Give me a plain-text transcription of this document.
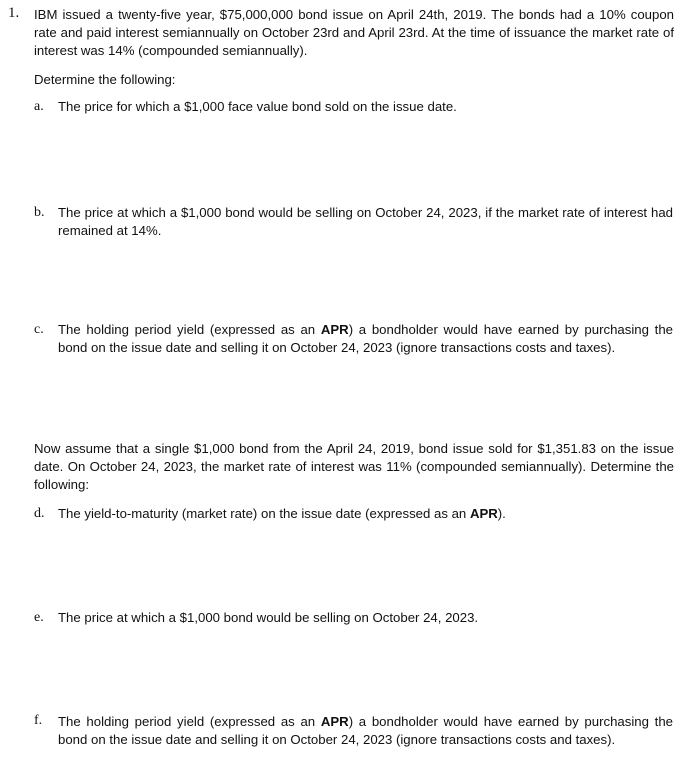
1. IBM issued a twenty-five year, $75,000,000 bond issue on April 24th, 2019. The bonds had a 10% coupon rate and paid interest semiannually on October 23rd and April 23rd. At the time of issuance the market rate of interest was 14% (compounded semiannually).

Determine the following:

a. The price for which a $1,000 face value bond sold on the issue date.

b. The price at which a $1,000 bond would be selling on October 24, 2023, if the market rate of interest had remained at 14%.

c. The holding period yield (expressed as an APR) a bondholder would have earned by purchasing the bond on the issue date and selling it on October 24, 2023 (ignore transactions costs and taxes).

Now assume that a single $1,000 bond from the April 24, 2019, bond issue sold for $1,351.83 on the issue date. On October 24, 2023, the market rate of interest was 11% (compounded semiannually). Determine the following:

d. The yield-to-maturity (market rate) on the issue date (expressed as an APR).

e. The price at which a $1,000 bond would be selling on October 24, 2023.

f. The holding period yield (expressed as an APR) a bondholder would have earned by purchasing the bond on the issue date and selling it on October 24, 2023 (ignore transactions costs and taxes).
